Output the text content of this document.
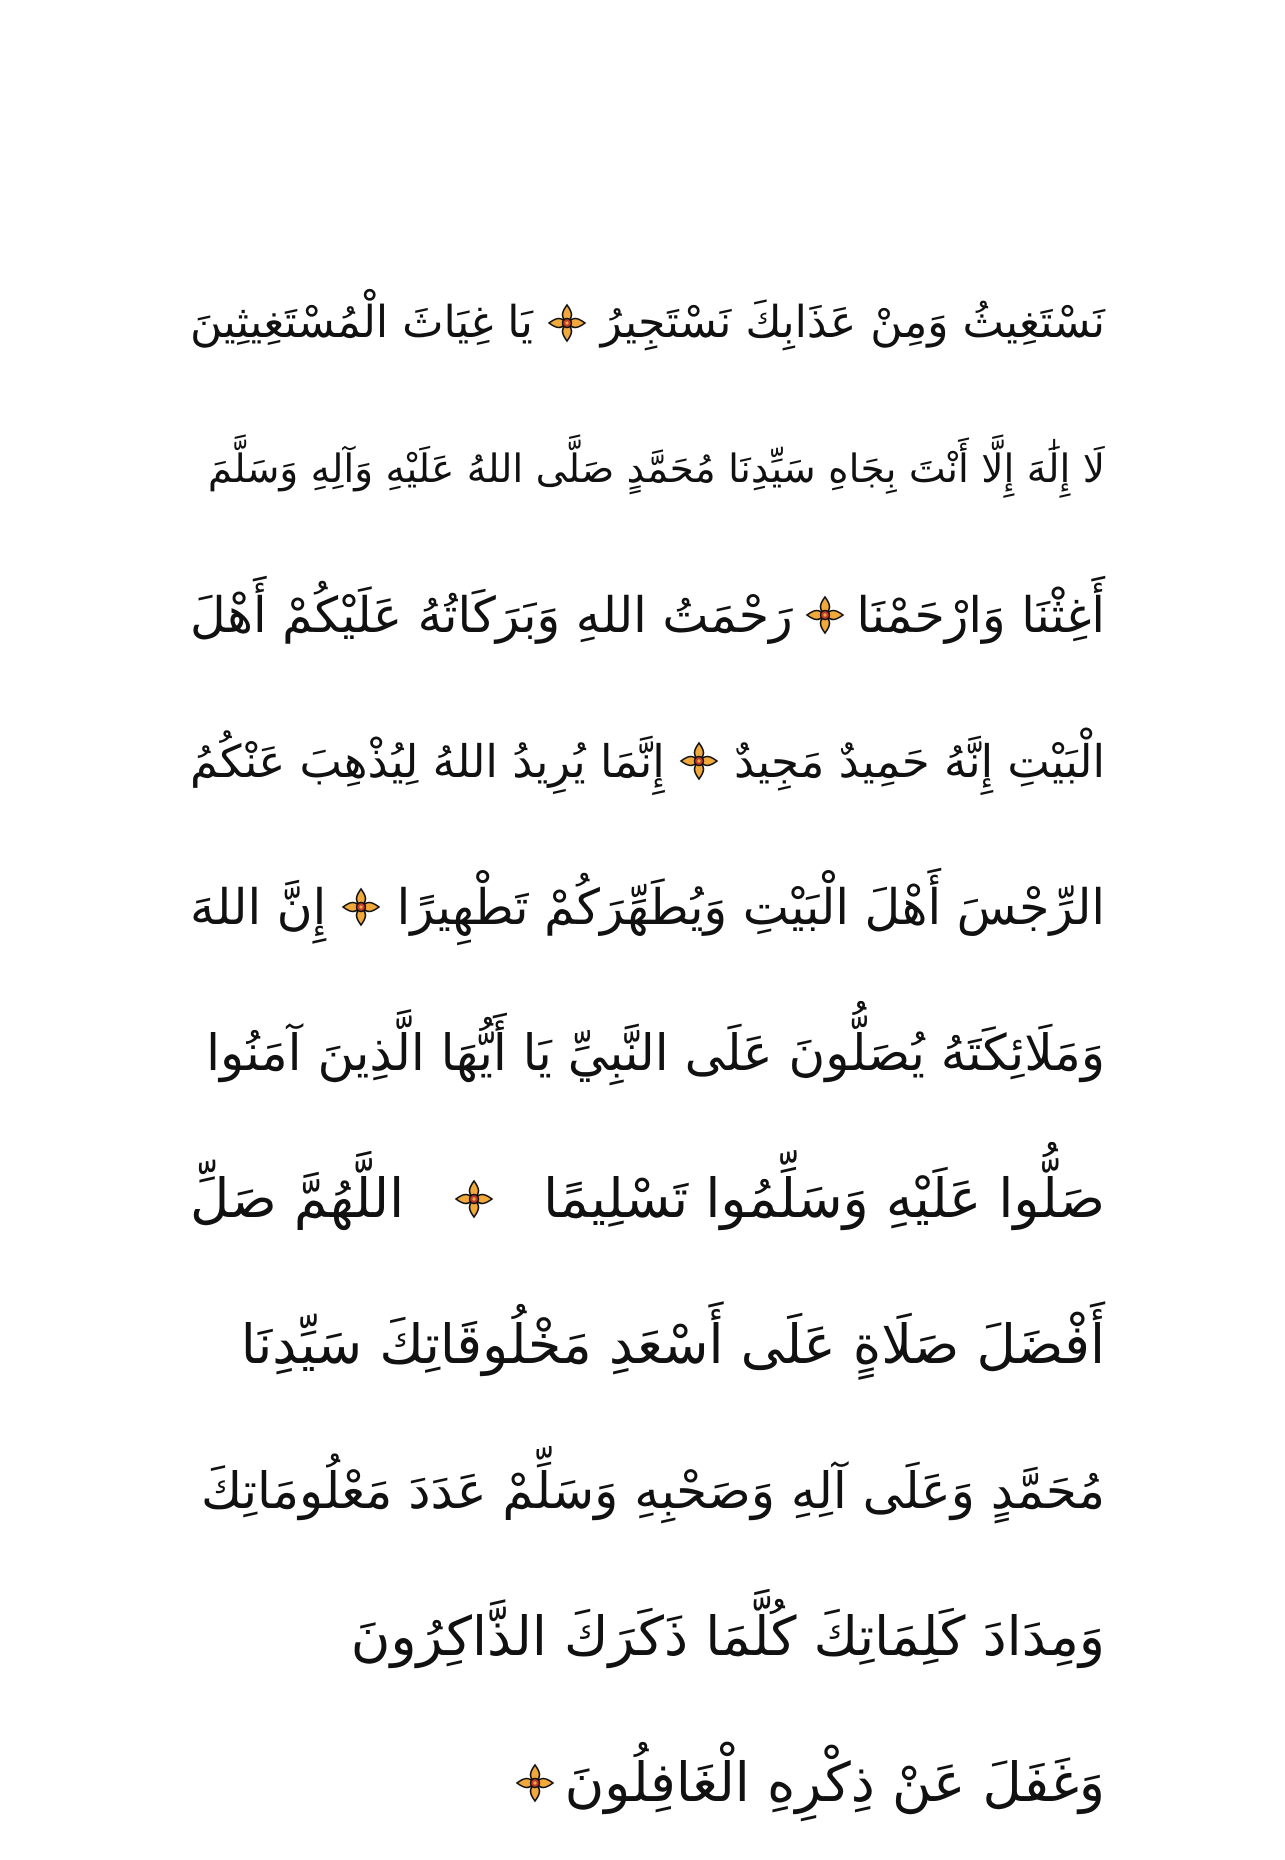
نَسْتَغِيثُ وَمِنْ عَذَابِكَ نَسْتَجِيرُ
يَا غِيَاثَ الْمُسْتَغِيثِينَ
لَا إِلَٰهَ إِلَّا أَنْتَ بِجَاهِ سَيِّدِنَا مُحَمَّدٍ صَلَّى اللهُ عَلَيْهِ وَآلِهِ وَسَلَّمَ
أَغِثْنَا وَارْحَمْنَا
رَحْمَتُ اللهِ وَبَرَكَاتُهُ عَلَيْكُمْ أَهْلَ
الْبَيْتِ إِنَّهُ حَمِيدٌ مَجِيدٌ
إِنَّمَا يُرِيدُ اللهُ لِيُذْهِبَ عَنْكُمُ
الرِّجْسَ أَهْلَ الْبَيْتِ وَيُطَهِّرَكُمْ تَطْهِيرًا
إِنَّ اللهَ
وَمَلَائِكَتَهُ يُصَلُّونَ عَلَى النَّبِيِّ يَا أَيُّهَا الَّذِينَ آمَنُوا
صَلُّوا عَلَيْهِ وَسَلِّمُوا تَسْلِيمًا
اللَّهُمَّ صَلِّ
أَفْضَلَ صَلَاةٍ عَلَى أَسْعَدِ مَخْلُوقَاتِكَ سَيِّدِنَا
مُحَمَّدٍ وَعَلَى آلِهِ وَصَحْبِهِ وَسَلِّمْ عَدَدَ مَعْلُومَاتِكَ
وَمِدَادَ كَلِمَاتِكَ كُلَّمَا ذَكَرَكَ الذَّاكِرُونَ
وَغَفَلَ عَنْ ذِكْرِهِ الْغَافِلُونَ
